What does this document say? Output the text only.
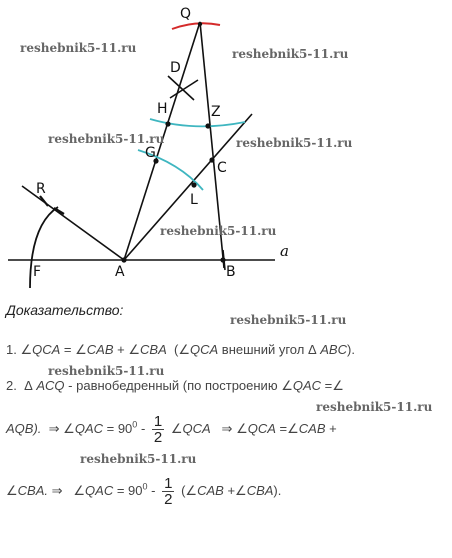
Q
D
H	Z
G
C
L
R
F	A	B
a
reshebnik5-11.ru	reshebnik5-11.ru
reshebnik5-11.ru	reshebnik5-11.ru
reshebnik5-11.ru
Доказательство:
reshebnik5-11.ru
1. ∠QCA = ∠CAB + ∠CBA (∠QCA внешний угол Δ ABC).
reshebnik5-11.ru
2.  Δ ACQ - равнобедренный (по построению ∠QAC =∠
reshebnik5-11.ru
AQB). ⇒ ∠QAC = $90^0 - \frac{1}{2}$ ∠QCA ⇒ ∠QCA =∠CAB +
reshebnik5-11.ru
∠CBA. ⇒   ∠QAC = $90^0 - \frac{1}{2}$ (∠CAB +∠CBA).
